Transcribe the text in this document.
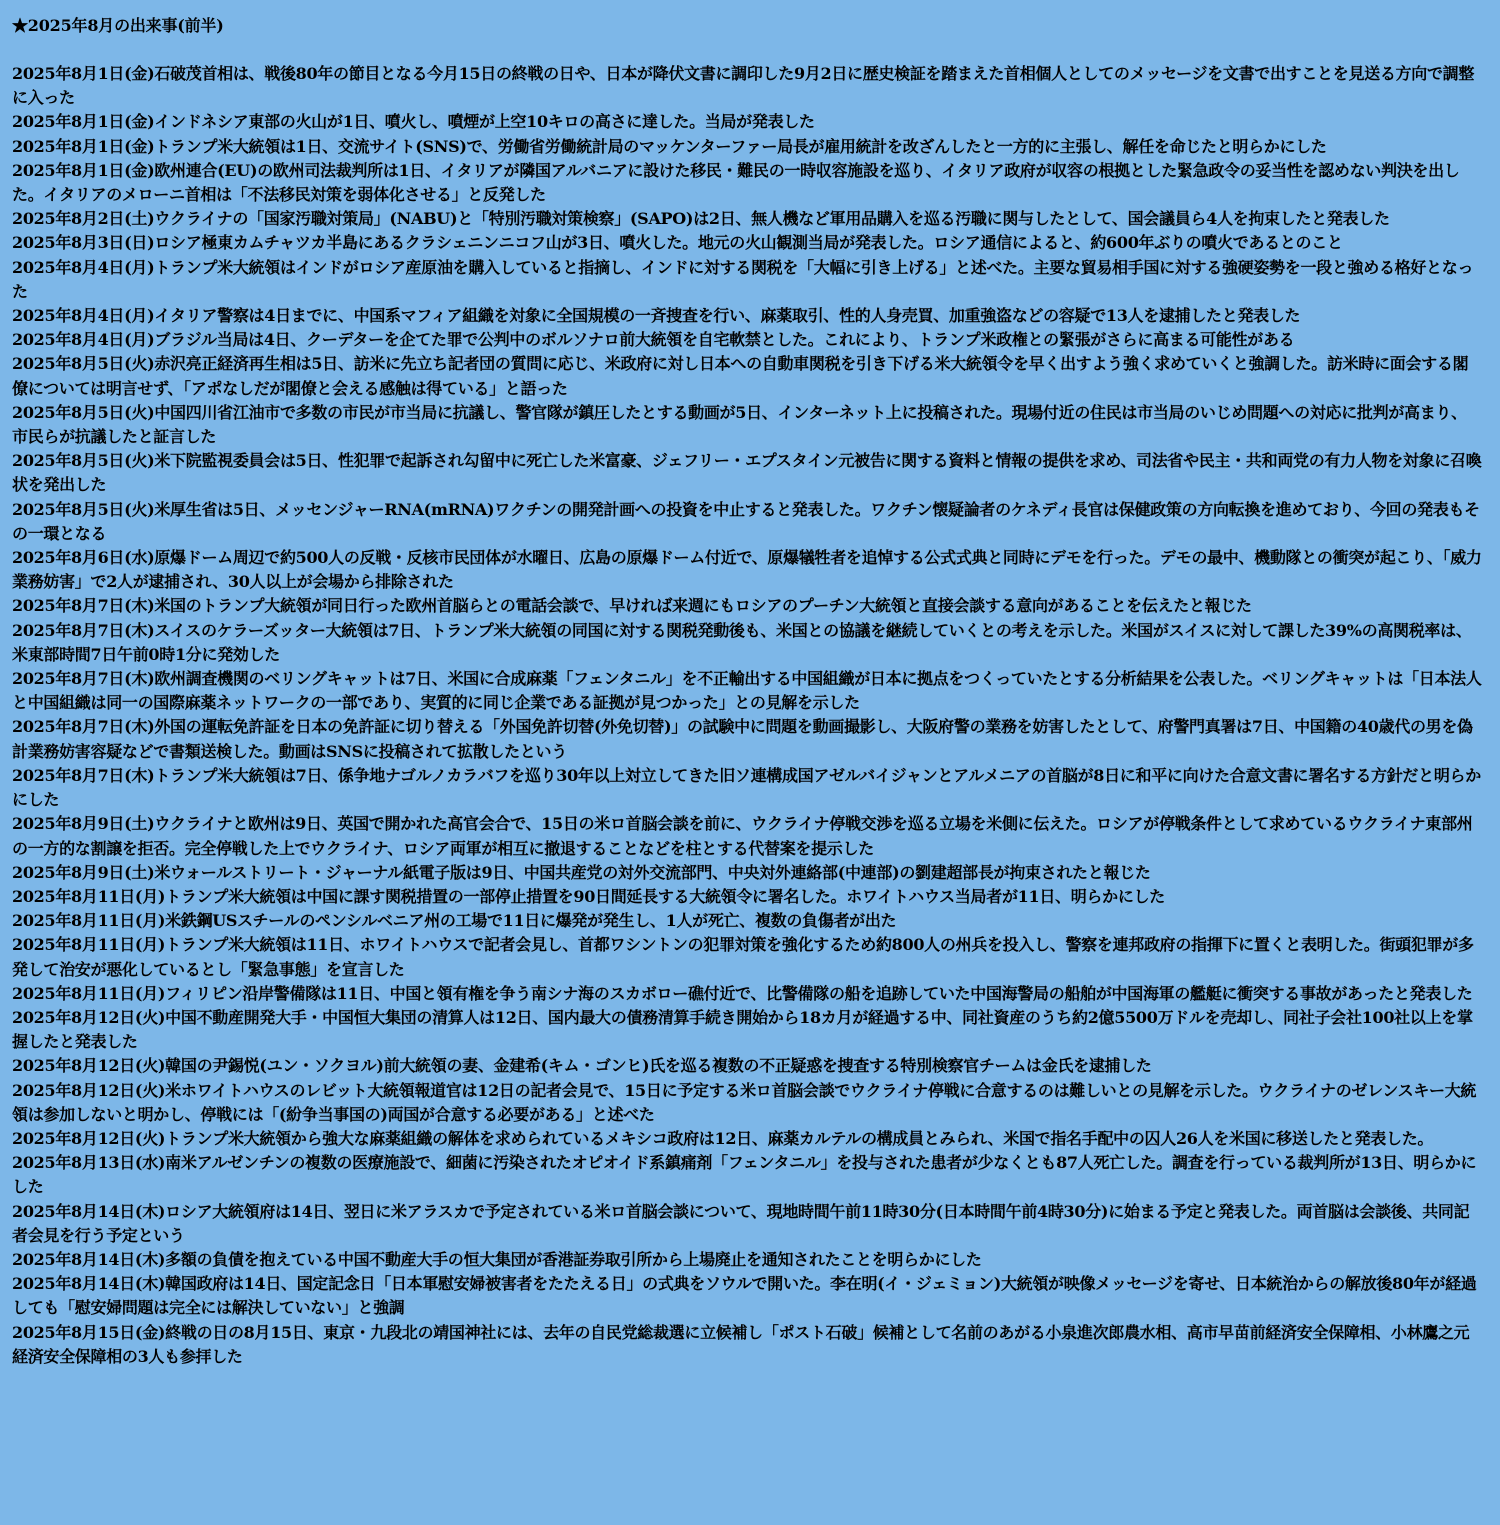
★2025年8月の出来事(前半)
2025年8月1日(金)石破茂首相は、戦後80年の節目となる今月15日の終戦の日や、日本が降伏文書に調印した9月2日に歴史検証を踏まえた首相個人としてのメッセージを文書で出すことを見送る方向で調整に入った
2025年8月1日(金)インドネシア東部の火山が1日、噴火し、噴煙が上空10キロの高さに達した。当局が発表した
2025年8月1日(金)トランプ米大統領は1日、交流サイト(SNS)で、労働省労働統計局のマッケンターファー局長が雇用統計を改ざんしたと一方的に主張し、解任を命じたと明らかにした
2025年8月1日(金)欧州連合(EU)の欧州司法裁判所は1日、イタリアが隣国アルバニアに設けた移民・難民の一時収容施設を巡り、イタリア政府が収容の根拠とした緊急政令の妥当性を認めない判決を出した。イタリアのメローニ首相は「不法移民対策を弱体化させる」と反発した
2025年8月2日(土)ウクライナの「国家汚職対策局」(NABU)と「特別汚職対策検察」(SAPO)は2日、無人機など軍用品購入を巡る汚職に関与したとして、国会議員ら4人を拘束したと発表した
2025年8月3日(日)ロシア極東カムチャツカ半島にあるクラシェニンニコフ山が3日、噴火した。地元の火山観測当局が発表した。ロシア通信によると、約600年ぶりの噴火であるとのこと
2025年8月4日(月)トランプ米大統領はインドがロシア産原油を購入していると指摘し、インドに対する関税を「大幅に引き上げる」と述べた。主要な貿易相手国に対する強硬姿勢を一段と強める格好となった
2025年8月4日(月)イタリア警察は4日までに、中国系マフィア組織を対象に全国規模の一斉捜査を行い、麻薬取引、性的人身売買、加重強盗などの容疑で13人を逮捕したと発表した
2025年8月4日(月)ブラジル当局は4日、クーデターを企てた罪で公判中のボルソナロ前大統領を自宅軟禁とした。これにより、トランプ米政権との緊張がさらに高まる可能性がある
2025年8月5日(火)赤沢亮正経済再生相は5日、訪米に先立ち記者団の質問に応じ、米政府に対し日本への自動車関税を引き下げる米大統領令を早く出すよう強く求めていくと強調した。訪米時に面会する閣僚については明言せず、「アポなしだが閣僚と会える感触は得ている」と語った
2025年8月5日(火)中国四川省江油市で多数の市民が市当局に抗議し、警官隊が鎮圧したとする動画が5日、インターネット上に投稿された。現場付近の住民は市当局のいじめ問題への対応に批判が高まり、市民らが抗議したと証言した
2025年8月5日(火)米下院監視委員会は5日、性犯罪で起訴され勾留中に死亡した米富豪、ジェフリー・エプスタイン元被告に関する資料と情報の提供を求め、司法省や民主・共和両党の有力人物を対象に召喚状を発出した
2025年8月5日(火)米厚生省は5日、メッセンジャーRNA(mRNA)ワクチンの開発計画への投資を中止すると発表した。ワクチン懐疑論者のケネディ長官は保健政策の方向転換を進めており、今回の発表もその一環となる
2025年8月6日(水)原爆ドーム周辺で約500人の反戦・反核市民団体が水曜日、広島の原爆ドーム付近で、原爆犠牲者を追悼する公式式典と同時にデモを行った。デモの最中、機動隊との衝突が起こり、「威力業務妨害」で2人が逮捕され、30人以上が会場から排除された
2025年8月7日(木)米国のトランプ大統領が同日行った欧州首脳らとの電話会談で、早ければ来週にもロシアのプーチン大統領と直接会談する意向があることを伝えたと報じた
2025年8月7日(木)スイスのケラーズッター大統領は7日、トランプ米大統領の同国に対する関税発動後も、米国との協議を継続していくとの考えを示した。米国がスイスに対して課した39%の高関税率は、米東部時間7日午前0時1分に発効した
2025年8月7日(木)欧州調査機関のベリングキャットは7日、米国に合成麻薬「フェンタニル」を不正輸出する中国組織が日本に拠点をつくっていたとする分析結果を公表した。ベリングキャットは「日本法人と中国組織は同一の国際麻薬ネットワークの一部であり、実質的に同じ企業である証拠が見つかった」との見解を示した
2025年8月7日(木)外国の運転免許証を日本の免許証に切り替える「外国免許切替(外免切替)」の試験中に問題を動画撮影し、大阪府警の業務を妨害したとして、府警門真署は7日、中国籍の40歳代の男を偽計業務妨害容疑などで書類送検した。動画はSNSに投稿されて拡散したという
2025年8月7日(木)トランプ米大統領は7日、係争地ナゴルノカラバフを巡り30年以上対立してきた旧ソ連構成国アゼルバイジャンとアルメニアの首脳が8日に和平に向けた合意文書に署名する方針だと明らかにした
2025年8月9日(土)ウクライナと欧州は9日、英国で開かれた高官会合で、15日の米ロ首脳会談を前に、ウクライナ停戦交渉を巡る立場を米側に伝えた。ロシアが停戦条件として求めているウクライナ東部州の一方的な割譲を拒否。完全停戦した上でウクライナ、ロシア両軍が相互に撤退することなどを柱とする代替案を提示した
2025年8月9日(土)米ウォールストリート・ジャーナル紙電子版は9日、中国共産党の対外交流部門、中央対外連絡部(中連部)の劉建超部長が拘束されたと報じた
2025年8月11日(月)トランプ米大統領は中国に課す関税措置の一部停止措置を90日間延長する大統領令に署名した。ホワイトハウス当局者が11日、明らかにした
2025年8月11日(月)米鉄鋼USスチールのペンシルベニア州の工場で11日に爆発が発生し、1人が死亡、複数の負傷者が出た
2025年8月11日(月)トランプ米大統領は11日、ホワイトハウスで記者会見し、首都ワシントンの犯罪対策を強化するため約800人の州兵を投入し、警察を連邦政府の指揮下に置くと表明した。街頭犯罪が多発して治安が悪化しているとし「緊急事態」を宣言した
2025年8月11日(月)フィリピン沿岸警備隊は11日、中国と領有権を争う南シナ海のスカボロー礁付近で、比警備隊の船を追跡していた中国海警局の船舶が中国海軍の艦艇に衝突する事故があったと発表した
2025年8月12日(火)中国不動産開発大手・中国恒大集団の清算人は12日、国内最大の債務清算手続き開始から18カ月が経過する中、同社資産のうち約2億5500万ドルを売却し、同社子会社100社以上を掌握したと発表した
2025年8月12日(火)韓国の尹錫悦(ユン・ソクヨル)前大統領の妻、金建希(キム・ゴンヒ)氏を巡る複数の不正疑惑を捜査する特別検察官チームは金氏を逮捕した
2025年8月12日(火)米ホワイトハウスのレビット大統領報道官は12日の記者会見で、15日に予定する米ロ首脳会談でウクライナ停戦に合意するのは難しいとの見解を示した。ウクライナのゼレンスキー大統領は参加しないと明かし、停戦には「(紛争当事国の)両国が合意する必要がある」と述べた
2025年8月12日(火)トランプ米大統領から強大な麻薬組織の解体を求められているメキシコ政府は12日、麻薬カルテルの構成員とみられ、米国で指名手配中の囚人26人を米国に移送したと発表した。
2025年8月13日(水)南米アルゼンチンの複数の医療施設で、細菌に汚染されたオピオイド系鎮痛剤「フェンタニル」を投与された患者が少なくとも87人死亡した。調査を行っている裁判所が13日、明らかにした
2025年8月14日(木)ロシア大統領府は14日、翌日に米アラスカで予定されている米ロ首脳会談について、現地時間午前11時30分(日本時間午前4時30分)に始まる予定と発表した。両首脳は会談後、共同記者会見を行う予定という
2025年8月14日(木)多額の負債を抱えている中国不動産大手の恒大集団が香港証券取引所から上場廃止を通知されたことを明らかにした
2025年8月14日(木)韓国政府は14日、国定記念日「日本軍慰安婦被害者をたたえる日」の式典をソウルで開いた。李在明(イ・ジェミョン)大統領が映像メッセージを寄せ、日本統治からの解放後80年が経過しても「慰安婦問題は完全には解決していない」と強調
2025年8月15日(金)終戦の日の8月15日、東京・九段北の靖国神社には、去年の自民党総裁選に立候補し「ポスト石破」候補として名前のあがる小泉進次郎農水相、高市早苗前経済安全保障相、小林鷹之元経済安全保障相の3人も参拝した
